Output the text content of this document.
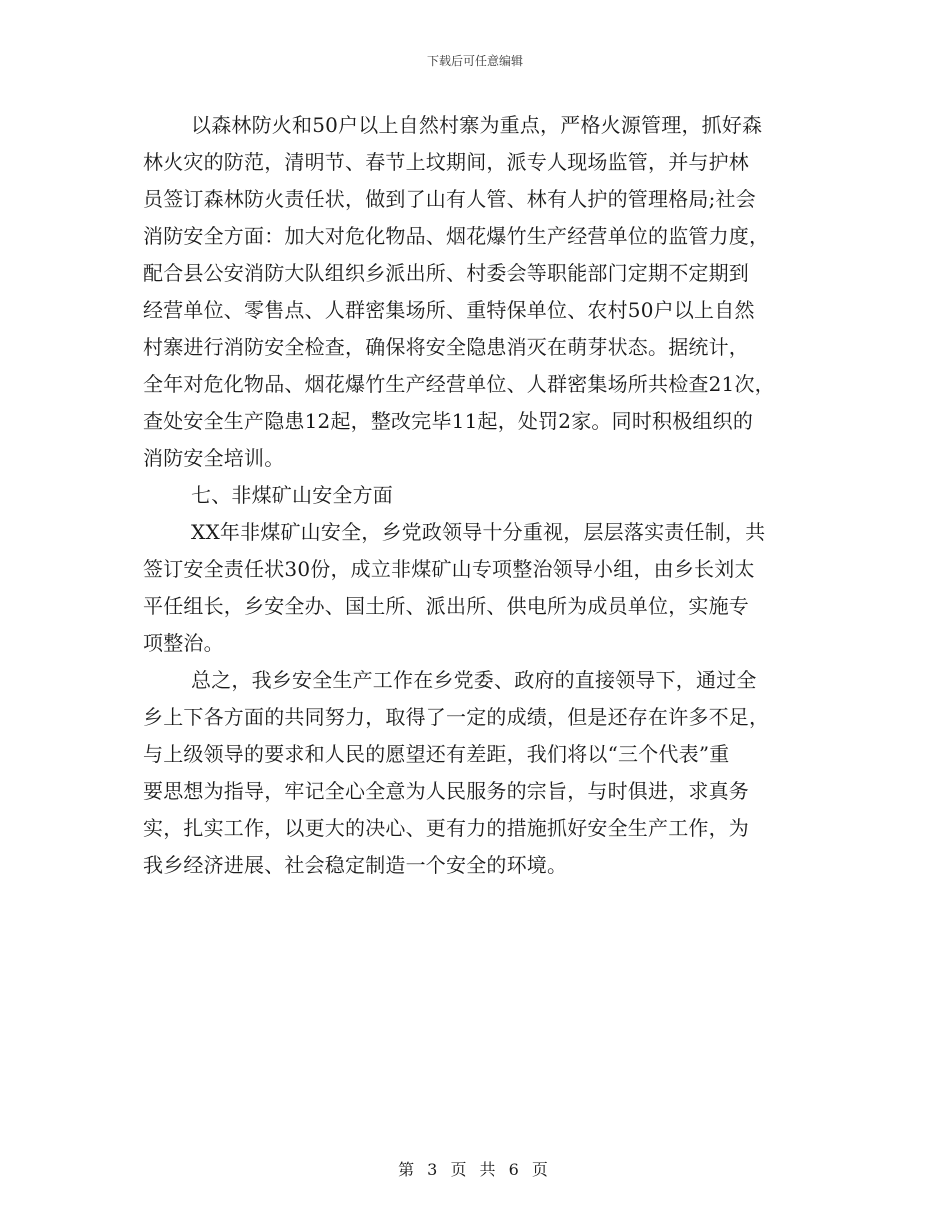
下载后可任意编辑
以森林防火和50户以上自然村寨为重点，严格火源管理，抓好森
林火灾的防范，清明节、春节上坟期间，派专人现场监管，并与护林
员签订森林防火责任状，做到了山有人管、林有人护的管理格局;社会
消防安全方面：加大对危化物品、烟花爆竹生产经营单位的监管力度，
配合县公安消防大队组织乡派出所、村委会等职能部门定期不定期到
经营单位、零售点、人群密集场所、重特保单位、农村50户以上自然
村寨进行消防安全检查，确保将安全隐患消灭在萌芽状态。据统计，
全年对危化物品、烟花爆竹生产经营单位、人群密集场所共检查21次，
查处安全生产隐患12起，整改完毕11起，处罚2家。同时积极组织的
消防安全培训。
七、非煤矿山安全方面
XX年非煤矿山安全，乡党政领导十分重视，层层落实责任制，共
签订安全责任状30份，成立非煤矿山专项整治领导小组，由乡长刘太
平任组长，乡安全办、国土所、派出所、供电所为成员单位，实施专
项整治。
总之，我乡安全生产工作在乡党委、政府的直接领导下，通过全
乡上下各方面的共同努力，取得了一定的成绩，但是还存在许多不足，
与上级领导的要求和人民的愿望还有差距，我们将以“三个代表”重
要思想为指导，牢记全心全意为人民服务的宗旨，与时俱进，求真务
实，扎实工作，以更大的决心、更有力的措施抓好安全生产工作，为
我乡经济进展、社会稳定制造一个安全的环境。
第 3 页 共 6 页
